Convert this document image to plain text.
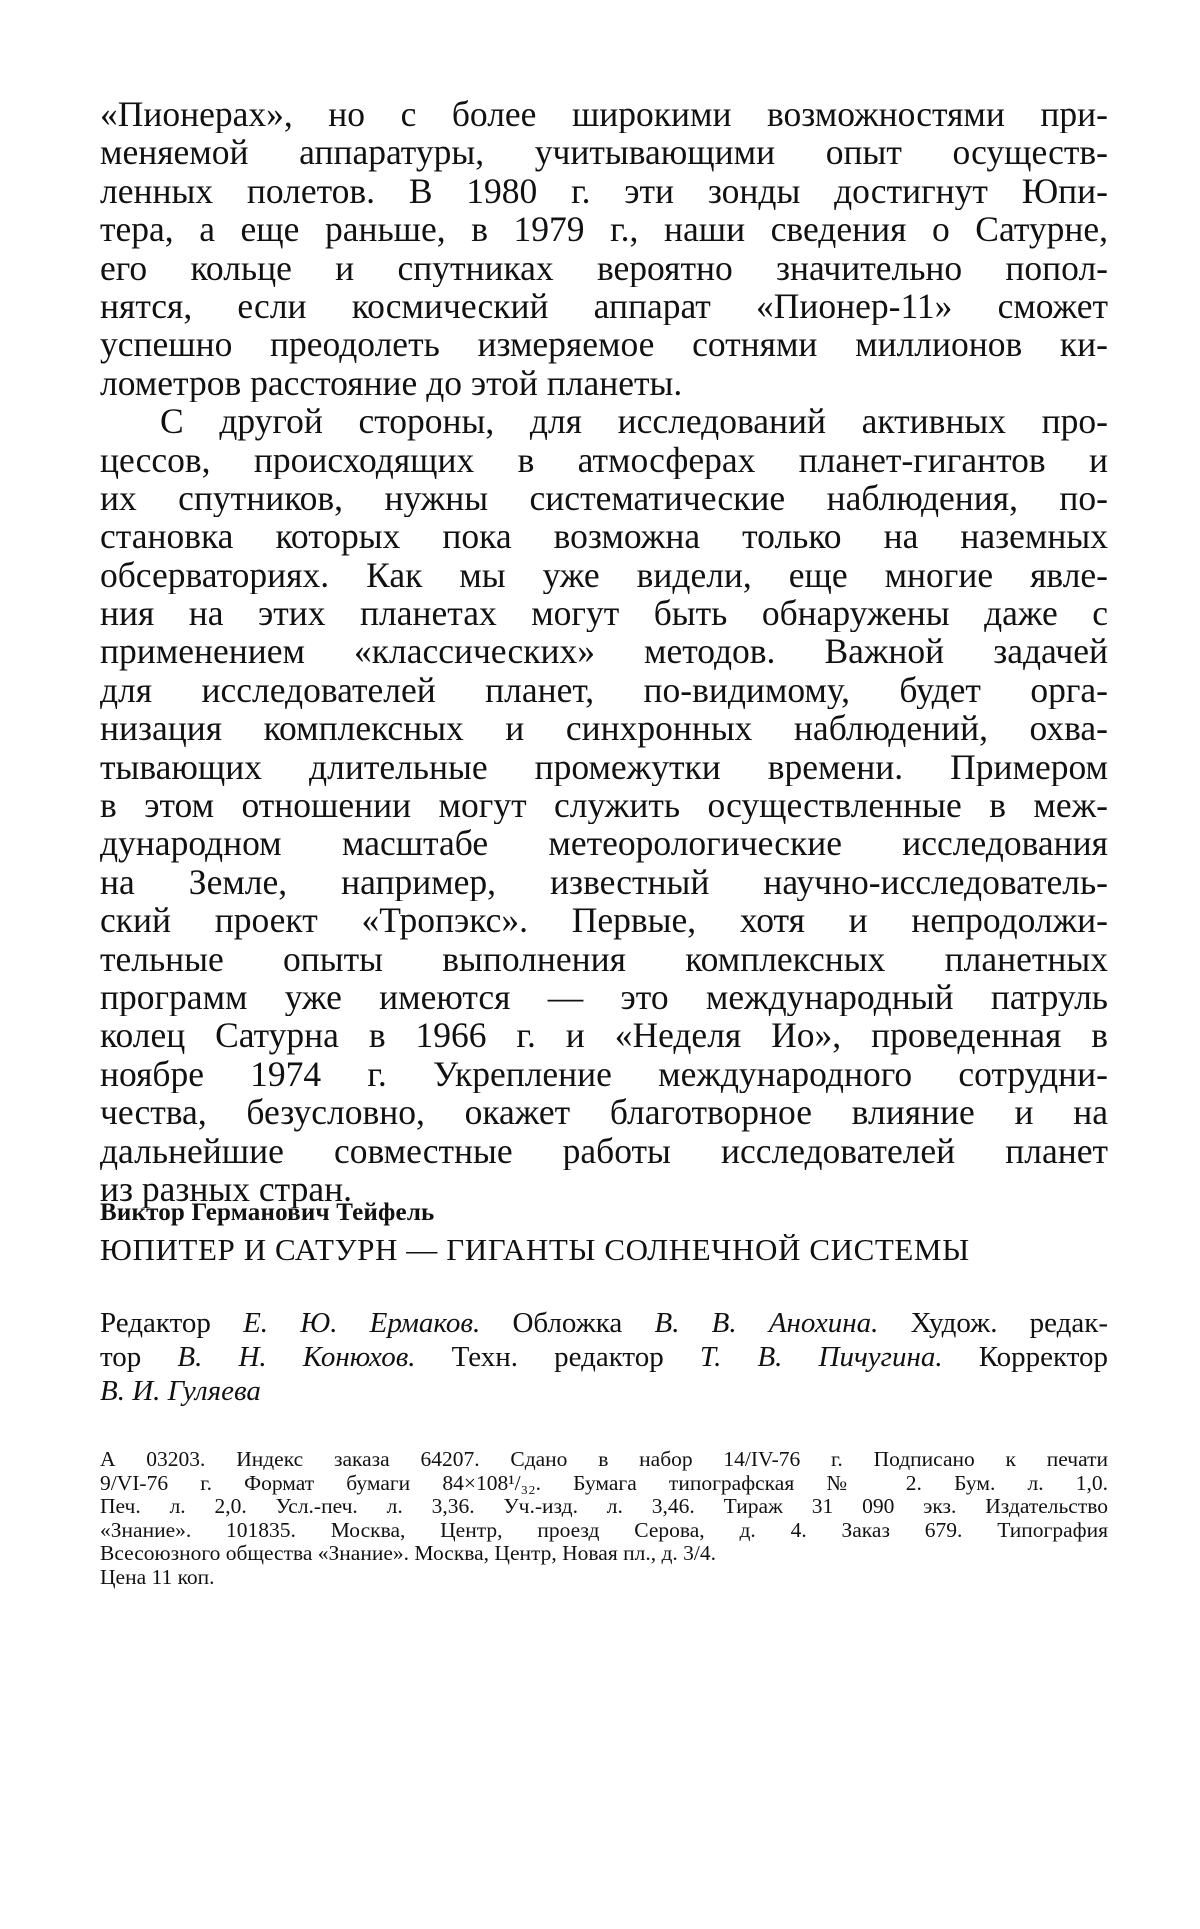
«Пионерах», но с более широкими возможностями при-
меняемой аппаратуры, учитывающими опыт осуществ-
ленных полетов. В 1980 г. эти зонды достигнут Юпи-
тера, а еще раньше, в 1979 г., наши сведения о Сатурне,
его кольце и спутниках вероятно значительно попол-
нятся, если космический аппарат «Пионер-11» сможет
успешно преодолеть измеряемое сотнями миллионов ки-
лометров расстояние до этой планеты.
С другой стороны, для исследований активных про-
цессов, происходящих в атмосферах планет-гигантов и
их спутников, нужны систематические наблюдения, по-
становка которых пока возможна только на наземных
обсерваториях. Как мы уже видели, еще многие явле-
ния на этих планетах могут быть обнаружены даже с
применением «классических» методов. Важной задачей
для исследователей планет, по-видимому, будет орга-
низация комплексных и синхронных наблюдений, охва-
тывающих длительные промежутки времени. Примером
в этом отношении могут служить осуществленные в меж-
дународном масштабе метеорологические исследования
на Земле, например, известный научно-исследователь-
ский проект «Тропэкс». Первые, хотя и непродолжи-
тельные опыты выполнения комплексных планетных
программ уже имеются — это международный патруль
колец Сатурна в 1966 г. и «Неделя Ио», проведенная в
ноябре 1974 г. Укрепление международного сотрудни-
чества, безусловно, окажет благотворное влияние и на
дальнейшие совместные работы исследователей планет
из разных стран.
Виктор Германович Тейфель
ЮПИТЕР И САТУРН — ГИГАНТЫ СОЛНЕЧНОЙ СИСТЕМЫ
Редактор Е. Ю. Ермаков. Обложка В. В. Анохина. Худож. редак-
тор В. Н. Конюхов. Техн. редактор Т. В. Пичугина. Корректор
В. И. Гуляева
А 03203. Индекс заказа 64207. Сдано в набор 14/IV-76 г. Подписано к печати
9/VI-76 г. Формат бумаги 84×108¹/₃₂. Бумага типографская № 2. Бум. л. 1,0.
Печ. л. 2,0. Усл.-печ. л. 3,36. Уч.-изд. л. 3,46. Тираж 31 090 экз. Издательство
«Знание». 101835. Москва, Центр, проезд Серова, д. 4. Заказ 679. Типография
Всесоюзного общества «Знание». Москва, Центр, Новая пл., д. 3/4.
Цена 11 коп.
